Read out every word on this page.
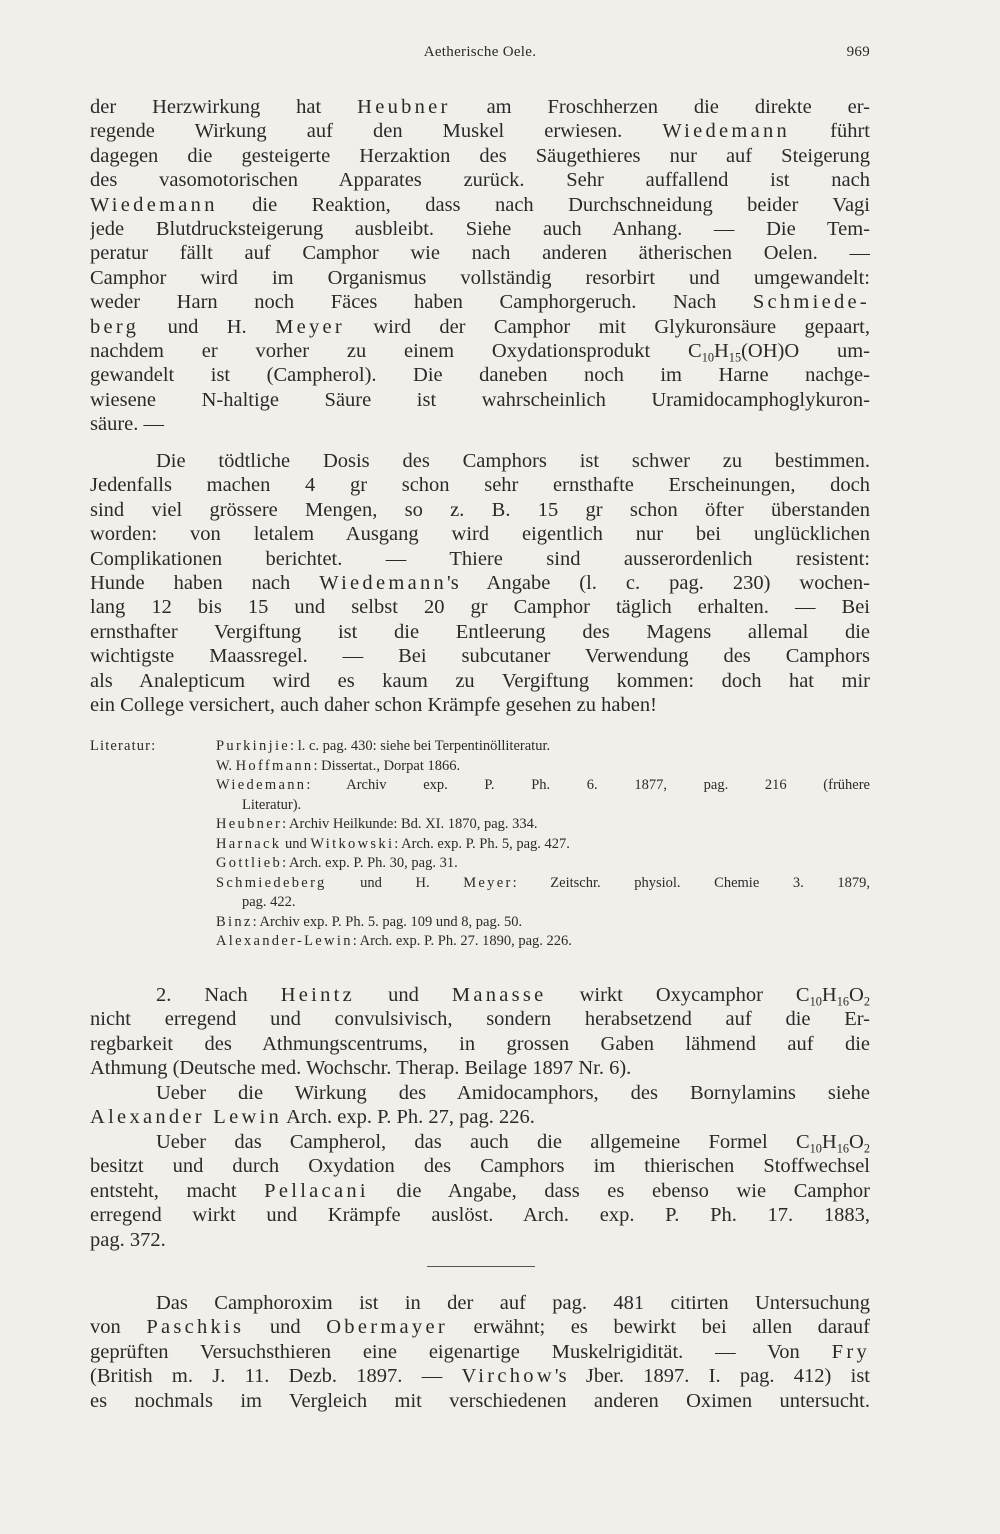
Aetherische Oele.	969
der Herzwirkung hat Heubner am Froschherzen die direkte er-
regende Wirkung auf den Muskel erwiesen. Wiedemann führt
dagegen die gesteigerte Herzaktion des Säugethieres nur auf Steigerung
des vasomotorischen Apparates zurück. Sehr auffallend ist nach
Wiedemann die Reaktion, dass nach Durchschneidung beider Vagi
jede Blutdrucksteigerung ausbleibt. Siehe auch Anhang. — Die Tem-
peratur fällt auf Camphor wie nach anderen ätherischen Oelen. —
Camphor wird im Organismus vollständig resorbirt und umgewandelt:
weder Harn noch Fäces haben Camphorgeruch. Nach Schmiede-
berg und H. Meyer wird der Camphor mit Glykuronsäure gepaart,
nachdem er vorher zu einem Oxydationsprodukt $C_{10}H_{15}(OH)O$ um-
gewandelt ist (Campherol). Die daneben noch im Harne nachge-
wiesene N-haltige Säure ist wahrscheinlich Uramidocamphoglykuron-
säure. —
Die tödtliche Dosis des Camphors ist schwer zu bestimmen.
Jedenfalls machen 4 gr schon sehr ernsthafte Erscheinungen, doch
sind viel grössere Mengen, so z. B. 15 gr schon öfter überstanden
worden: von letalem Ausgang wird eigentlich nur bei unglücklichen
Complikationen berichtet. — Thiere sind ausserordenlich resistent:
Hunde haben nach Wiedemann's Angabe (l. c. pag. 230) wochen-
lang 12 bis 15 und selbst 20 gr Camphor täglich erhalten. — Bei
ernsthafter Vergiftung ist die Entleerung des Magens allemal die
wichtigste Maassregel. — Bei subcutaner Verwendung des Camphors
als Analepticum wird es kaum zu Vergiftung kommen: doch hat mir
ein College versichert, auch daher schon Krämpfe gesehen zu haben!
Literatur:	Purkinjie: l. c. pag. 430: siehe bei Terpentinölliteratur.
W. Hoffmann: Dissertat., Dorpat 1866.
Wiedemann: Archiv exp. P. Ph. 6. 1877, pag. 216 (frühere
Literatur).
Heubner: Archiv Heilkunde: Bd. XI. 1870, pag. 334.
Harnack und Witkowski: Arch. exp. P. Ph. 5, pag. 427.
Gottlieb: Arch. exp. P. Ph. 30, pag. 31.
Schmiedeberg und H. Meyer: Zeitschr. physiol. Chemie 3. 1879,
pag. 422.
Binz: Archiv exp. P. Ph. 5. pag. 109 und 8, pag. 50.
Alexander-Lewin: Arch. exp. P. Ph. 27. 1890, pag. 226.
2. Nach Heintz und Manasse wirkt Oxycamphor $C_{10}H_{16}O_2$
nicht erregend und convulsivisch, sondern herabsetzend auf die Er-
regbarkeit des Athmungscentrums, in grossen Gaben lähmend auf die
Athmung (Deutsche med. Wochschr. Therap. Beilage 1897 Nr. 6).
Ueber die Wirkung des Amidocamphors, des Bornylamins siehe
Alexander Lewin Arch. exp. P. Ph. 27, pag. 226.
Ueber das Campherol, das auch die allgemeine Formel $C_{10}H_{16}O_2$
besitzt und durch Oxydation des Camphors im thierischen Stoffwechsel
entsteht, macht Pellacani die Angabe, dass es ebenso wie Camphor
erregend wirkt und Krämpfe auslöst. Arch. exp. P. Ph. 17. 1883,
pag. 372.
Das Camphoroxim ist in der auf pag. 481 citirten Untersuchung
von Paschkis und Obermayer erwähnt; es bewirkt bei allen darauf
geprüften Versuchsthieren eine eigenartige Muskelrigidität. — Von Fry
(British m. J. 11. Dezb. 1897. — Virchow's Jber. 1897. I. pag. 412) ist
es nochmals im Vergleich mit verschiedenen anderen Oximen untersucht.
